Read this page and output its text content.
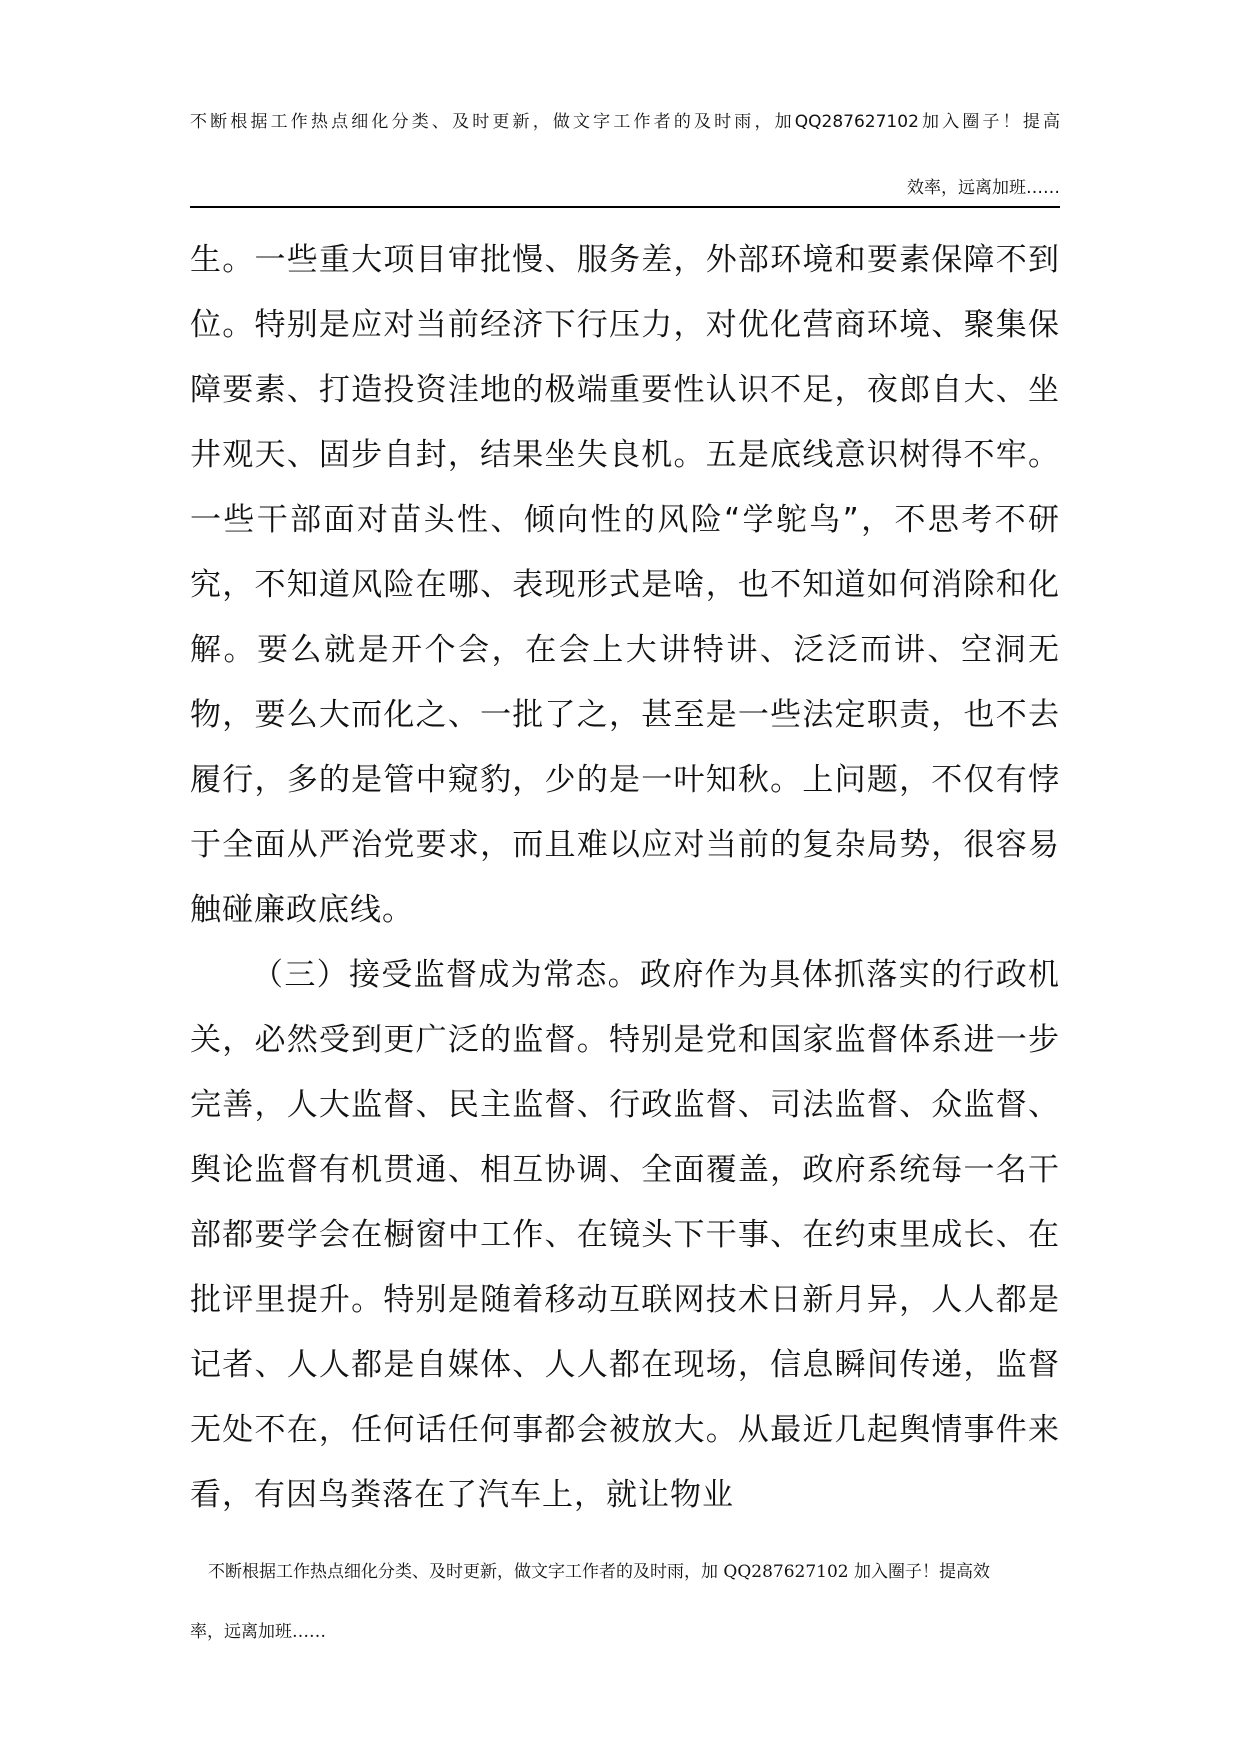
不断根据工作热点细化分类、及时更新，做文字工作者的及时雨，加QQ287627102加入圈子！提高
效率，远离加班……

生。一些重大项目审批慢、服务差，外部环境和要素保障不到位。特别是应对当前经济下行压力，对优化营商环境、聚集保障要素、打造投资洼地的极端重要性认识不足，夜郎自大、坐井观天、固步自封，结果坐失良机。五是底线意识树得不牢。一些干部面对苗头性、倾向性的风险“学鸵鸟”，不思考不研究，不知道风险在哪、表现形式是啥，也不知道如何消除和化解。要么就是开个会，在会上大讲特讲、泛泛而讲、空洞无物，要么大而化之、一批了之，甚至是一些法定职责，也不去履行，多的是管中窥豹，少的是一叶知秋。上问题，不仅有悖于全面从严治党要求，而且难以应对当前的复杂局势，很容易触碰廉政底线。

（三）接受监督成为常态。政府作为具体抓落实的行政机关，必然受到更广泛的监督。特别是党和国家监督体系进一步完善，人大监督、民主监督、行政监督、司法监督、众监督、舆论监督有机贯通、相互协调、全面覆盖，政府系统每一名干部都要学会在橱窗中工作、在镜头下干事、在约束里成长、在批评里提升。特别是随着移动互联网技术日新月异，人人都是记者、人人都是自媒体、人人都在现场，信息瞬间传递，监督无处不在，任何话任何事都会被放大。从最近几起舆情事件来看，有因鸟粪落在了汽车上，就让物业

不断根据工作热点细化分类、及时更新，做文字工作者的及时雨，加 QQ287627102 加入圈子！提高效
率，远离加班……
